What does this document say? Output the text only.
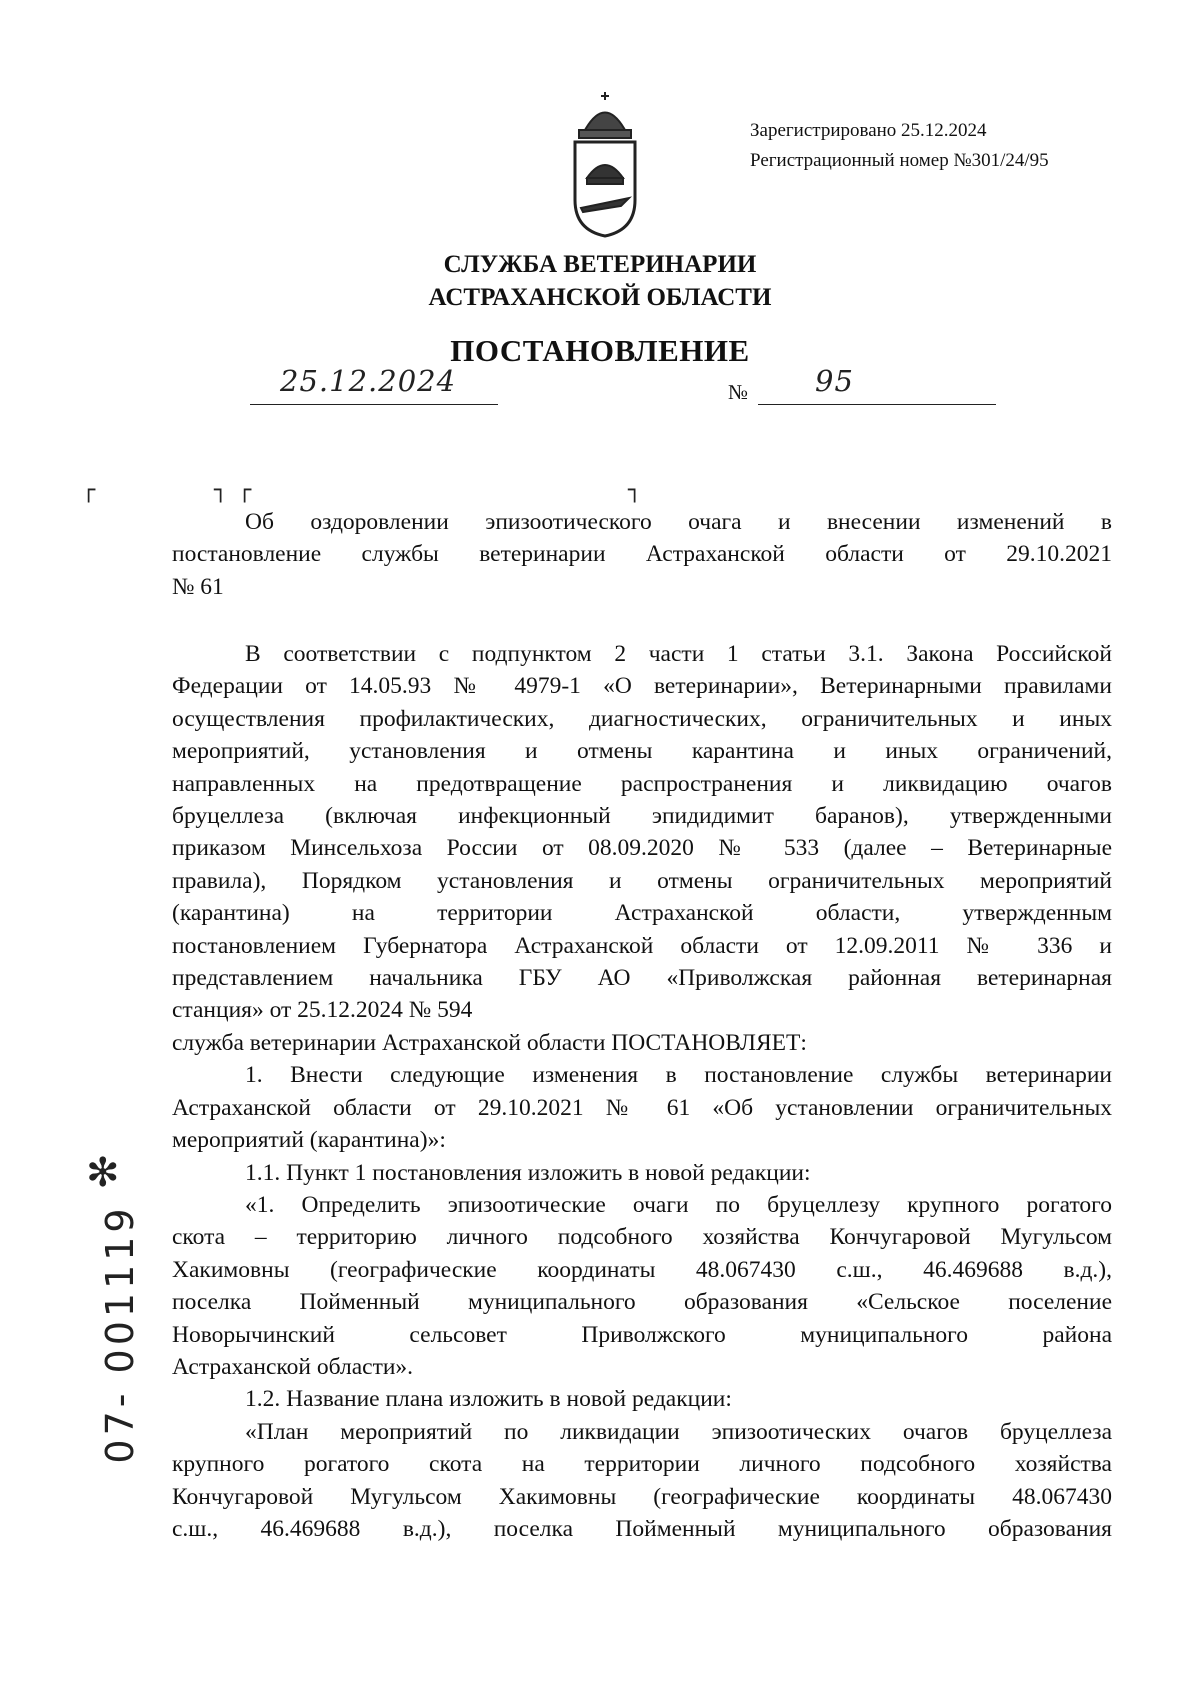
Зарегистрировано 25.12.2024
Регистрационный номер №301/24/95
СЛУЖБА ВЕТЕРИНАРИИ
АСТРАХАНСКОЙ ОБЛАСТИ
ПОСТАНОВЛЕНИЕ
25.12.2024	№ 95
┌	┐ ┌	┐
Об оздоровлении эпизоотического очага и внесении изменений в
постановление службы ветеринарии Астраханской области от 29.10.2021
№ 61
В соответствии с подпунктом 2 части 1 статьи 3.1. Закона Российской
Федерации от 14.05.93 № 4979-1 «О ветеринарии», Ветеринарными правилами
осуществления профилактических, диагностических, ограничительных и иных
мероприятий, установления и отмены карантина и иных ограничений,
направленных на предотвращение распространения и ликвидацию очагов
бруцеллеза (включая инфекционный эпидидимит баранов), утвержденными
приказом Минсельхоза России от 08.09.2020 № 533 (далее – Ветеринарные
правила), Порядком установления и отмены ограничительных мероприятий
(карантина) на территории Астраханской области, утвержденным
постановлением Губернатора Астраханской области от 12.09.2011 № 336 и
представлением начальника ГБУ АО «Приволжская районная ветеринарная
станция» от 25.12.2024 № 594
служба ветеринарии Астраханской области ПОСТАНОВЛЯЕТ:
1. Внести следующие изменения в постановление службы ветеринарии
Астраханской области от 29.10.2021 № 61 «Об установлении ограничительных
мероприятий (карантина)»:
1.1. Пункт 1 постановления изложить в новой редакции:
«1. Определить эпизоотические очаги по бруцеллезу крупного рогатого
скота – территорию личного подсобного хозяйства Кончугаровой Мугульсом
Хакимовны (географические координаты 48.067430 с.ш., 46.469688 в.д.),
поселка Пойменный муниципального образования «Сельское поселение
Новорычинский сельсовет Приволжского муниципального района
Астраханской области».
1.2. Название плана изложить в новой редакции:
«План мероприятий по ликвидации эпизоотических очагов бруцеллеза
крупного рогатого скота на территории личного подсобного хозяйства
Кончугаровой Мугульсом Хакимовны (географические координаты 48.067430
с.ш., 46.469688 в.д.), поселка Пойменный муниципального образования
✻
07- 001119
